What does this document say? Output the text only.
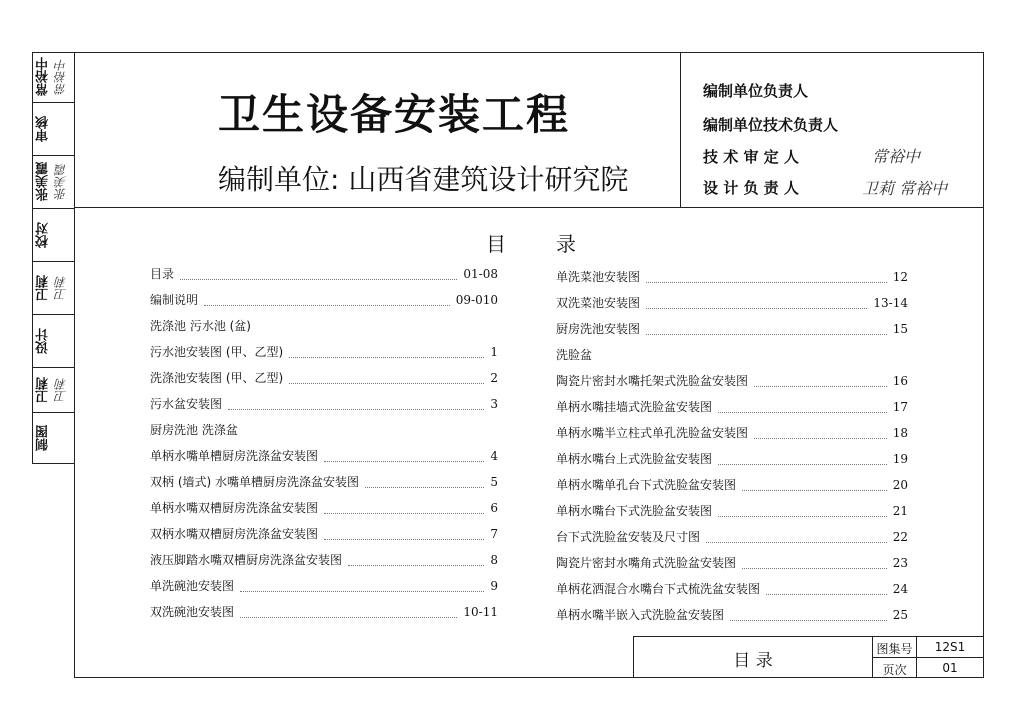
常裕中 常裕中
审核
张美霞 张美霞
校对
卫莉 卫莉
设计
卫莉 卫莉
制图
卫生设备安装工程
编制单位: 山西省建筑设计研究院
编制单位负责人
编制单位技术负责人
技 术 审 定 人	常裕中
设 计 负 责 人	卫莉 常裕中
目	录
目录	01-08
编制说明	09-010
洗涤池 污水池 (盆)
污水池安装图 (甲、乙型)	1
洗涤池安装图 (甲、乙型)	2
污水盆安装图	3
厨房洗池 洗涤盆
单柄水嘴单槽厨房洗涤盆安装图	4
双柄 (墙式) 水嘴单槽厨房洗涤盆安装图	5
单柄水嘴双槽厨房洗涤盆安装图	6
双柄水嘴双槽厨房洗涤盆安装图	7
液压脚踏水嘴双槽厨房洗涤盆安装图	8
单洗碗池安装图	9
双洗碗池安装图	10-11
单洗菜池安装图	12
双洗菜池安装图	13-14
厨房洗池安装图	15
洗脸盆
陶瓷片密封水嘴托架式洗脸盆安装图	16
单柄水嘴挂墙式洗脸盆安装图	17
单柄水嘴半立柱式单孔洗脸盆安装图	18
单柄水嘴台上式洗脸盆安装图	19
单柄水嘴单孔台下式洗脸盆安装图	20
单柄水嘴台下式洗脸盆安装图	21
台下式洗脸盆安装及尺寸图	22
陶瓷片密封水嘴角式洗脸盆安装图	23
单柄花洒混合水嘴台下式梳洗盆安装图	24
单柄水嘴半嵌入式洗脸盆安装图	25
目 录
图集号	12S1
页次	01
